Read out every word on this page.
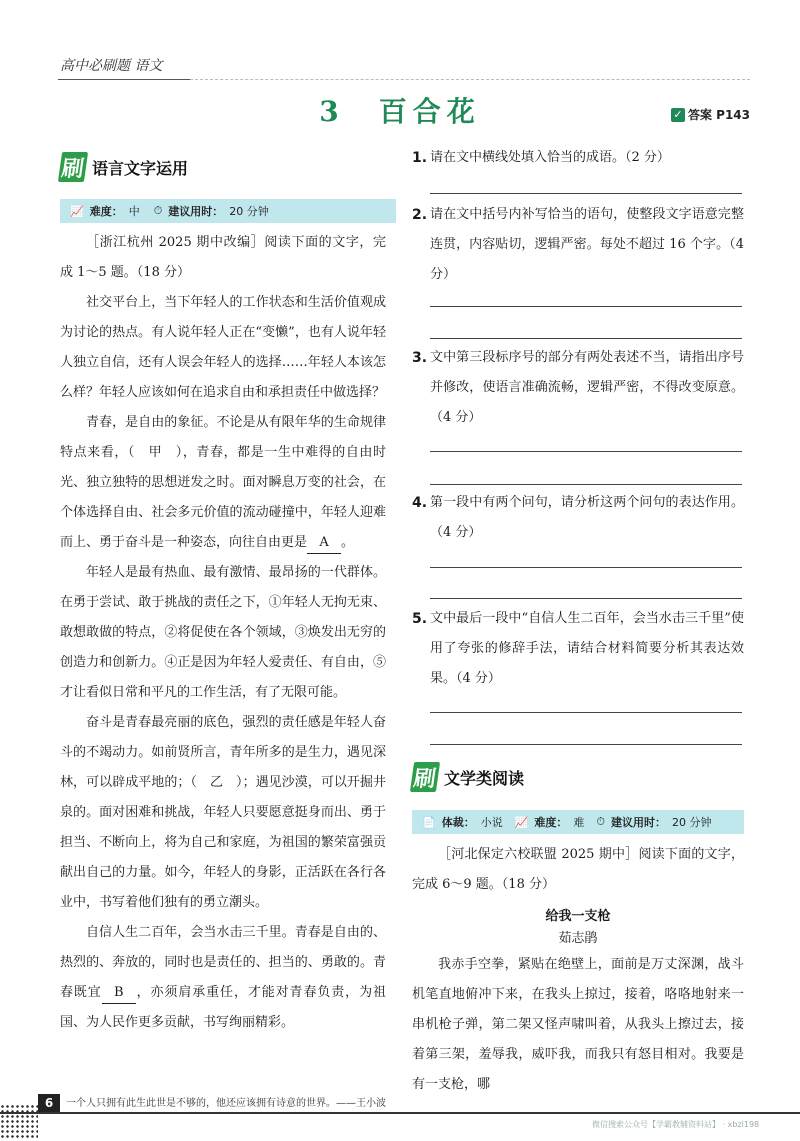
高中必刷题 语文
3　百合花	✓ 答案 P143
刷 语言文字运用
📈 难度： 中 ⏱ 建议用时： 20 分钟

［浙江杭州 2025 期中改编］阅读下面的文字，完成 1～5 题。（18 分）

社交平台上，当下年轻人的工作状态和生活价值观成为讨论的热点。有人说年轻人正在“变懒”，也有人说年轻人独立自信，还有人误会年轻人的选择……年轻人本该怎么样？年轻人应该如何在追求自由和承担责任中做选择？

青春，是自由的象征。不论是从有限年华的生命规律特点来看，（　甲　），青春，都是一生中难得的自由时光、独立独特的思想迸发之时。面对瞬息万变的社会，在个体选择自由、社会多元价值的流动碰撞中，年轻人迎难而上、勇于奋斗是一种姿态，向往自由更是 A 。

年轻人是最有热血、最有激情、最昂扬的一代群体。在勇于尝试、敢于挑战的责任之下，①年轻人无拘无束、敢想敢做的特点，②将促使在各个领域，③焕发出无穷的创造力和创新力。④正是因为年轻人爱责任、有自由，⑤才让看似日常和平凡的工作生活，有了无限可能。

奋斗是青春最亮丽的底色，强烈的责任感是年轻人奋斗的不竭动力。如前贤所言，青年所多的是生力，遇见深林，可以辟成平地的；（　乙　）；遇见沙漠，可以开掘井泉的。面对困难和挑战，年轻人只要愿意挺身而出、勇于担当、不断向上，将为自己和家庭，为祖国的繁荣富强贡献出自己的力量。如今，年轻人的身影，正活跃在各行各业中，书写着他们独有的勇立潮头。

自信人生二百年，会当水击三千里。青春是自由的、热烈的、奔放的，同时也是责任的、担当的、勇敢的。青春既宜 B ，亦须肩承重任，才能对青春负责，为祖国、为人民作更多贡献，书写绚丽精彩。

1. 请在文中横线处填入恰当的成语。（2 分）
2. 请在文中括号内补写恰当的语句，使整段文字语意完整连贯，内容贴切，逻辑严密。每处不超过 16 个字。（4 分）
3. 文中第三段标序号的部分有两处表述不当，请指出序号并修改，使语言准确流畅，逻辑严密，不得改变原意。（4 分）
4. 第一段中有两个问句，请分析这两个问句的表达作用。（4 分）
5. 文中最后一段中“自信人生二百年，会当水击三千里”使用了夸张的修辞手法，请结合材料简要分析其表达效果。（4 分）
刷 文学类阅读
📄 体裁： 小说 📈 难度： 难 ⏱ 建议用时： 20 分钟

［河北保定六校联盟 2025 期中］阅读下面的文字，完成 6～9 题。（18 分）

给我一支枪
茹志鹃

我赤手空拳，紧贴在绝壁上，面前是万丈深渊，战斗机笔直地俯冲下来，在我头上掠过，接着，咯咯地射来一串机枪子弹，第二架又怪声啸叫着，从我头上擦过去，接着第三架，羞辱我，威吓我，而我只有怒目相对。我要是有一支枪，哪

6	一个人只拥有此生此世是不够的，他还应该拥有诗意的世界。——王小波
微信搜索公众号【学霸教辅资料站】 · xbzl198
